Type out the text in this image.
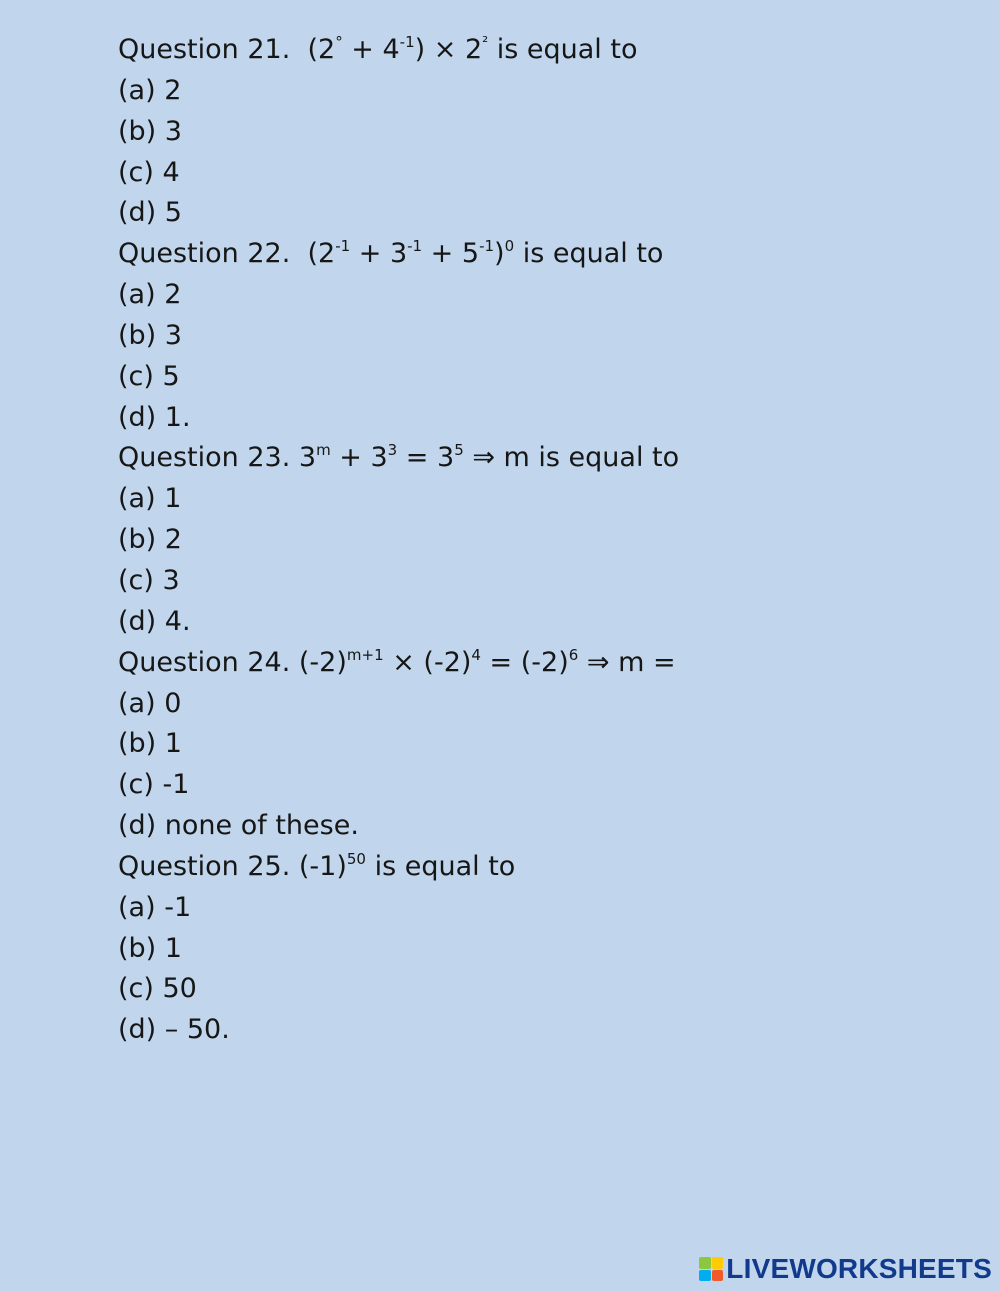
Question 21. $(2^\circ + 4^{-1}) \times 2^{^2}$ is equal to
(a) 2
(b) 3
(c) 4
(d) 5
Question 22. $(2^{-1} + 3^{-1} + 5^{-1})^0$ is equal to
(a) 2
(b) 3
(c) 5
(d) 1.
Question 23. $3^m + 3^3 = 3^5$ ⇒ m is equal to
(a) 1
(b) 2
(c) 3
(d) 4.
Question 24. $(-2)^{m+1} \times (-2)^4 = (-2)^6$ ⇒ m =
(a) 0
(b) 1
(c) -1
(d) none of these.
Question 25. $(-1)^{50}$ is equal to
(a) -1
(b) 1
(c) 50
(d) – 50.
LIVEWORKSHEETS
